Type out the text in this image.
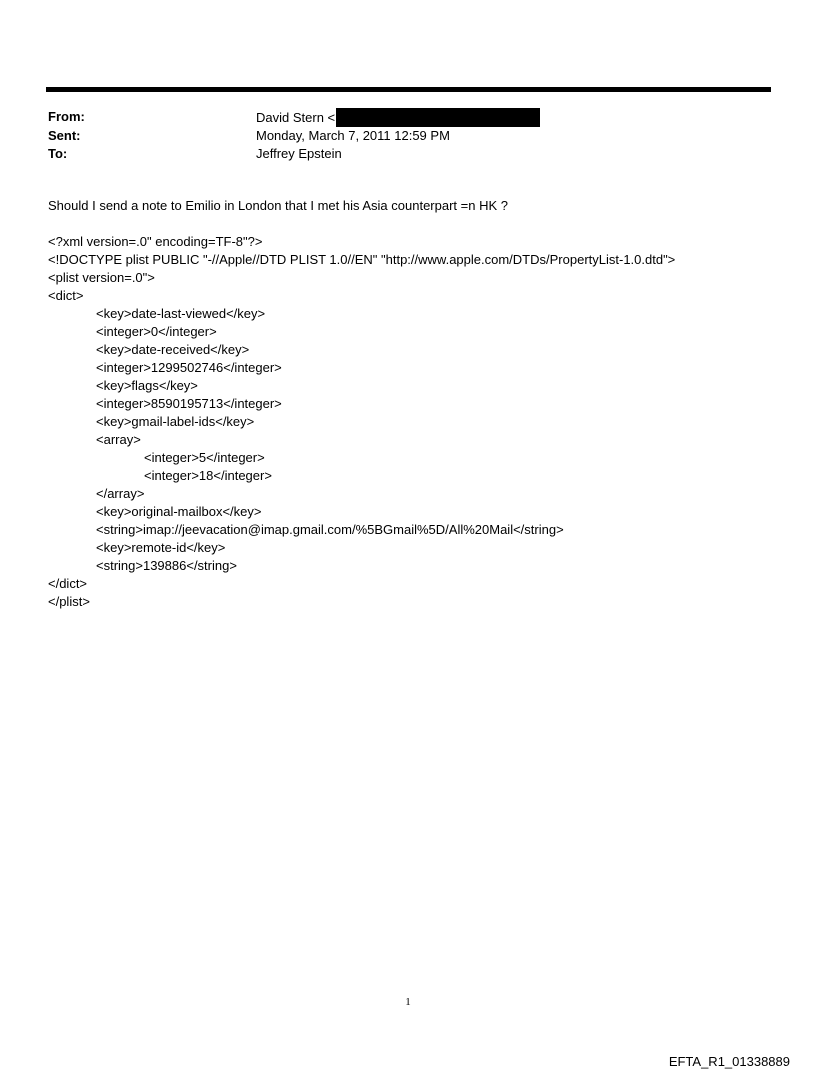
From:	David Stern <
Sent:	Monday, March 7, 2011 12:59 PM
To:	Jeffrey Epstein

Should I send a note to Emilio in London that I met his Asia counterpart =n HK ?

<?xml version=.0" encoding=TF-8"?>
<!DOCTYPE plist PUBLIC "-//Apple//DTD PLIST 1.0//EN" "http://www.apple.com/DTDs/PropertyList-1.0.dtd">
<plist version=.0">
<dict>
<key>date-last-viewed</key>
<integer>0</integer>
<key>date-received</key>
<integer>1299502746</integer>
<key>flags</key>
<integer>8590195713</integer>
<key>gmail-label-ids</key>
<array>
<integer>5</integer>
<integer>18</integer>
</array>
<key>original-mailbox</key>
<string>imap://jeevacation@imap.gmail.com/%5BGmail%5D/All%20Mail</string>
<key>remote-id</key>
<string>139886</string>
</dict>
</plist>
1
EFTA_R1_01338889
